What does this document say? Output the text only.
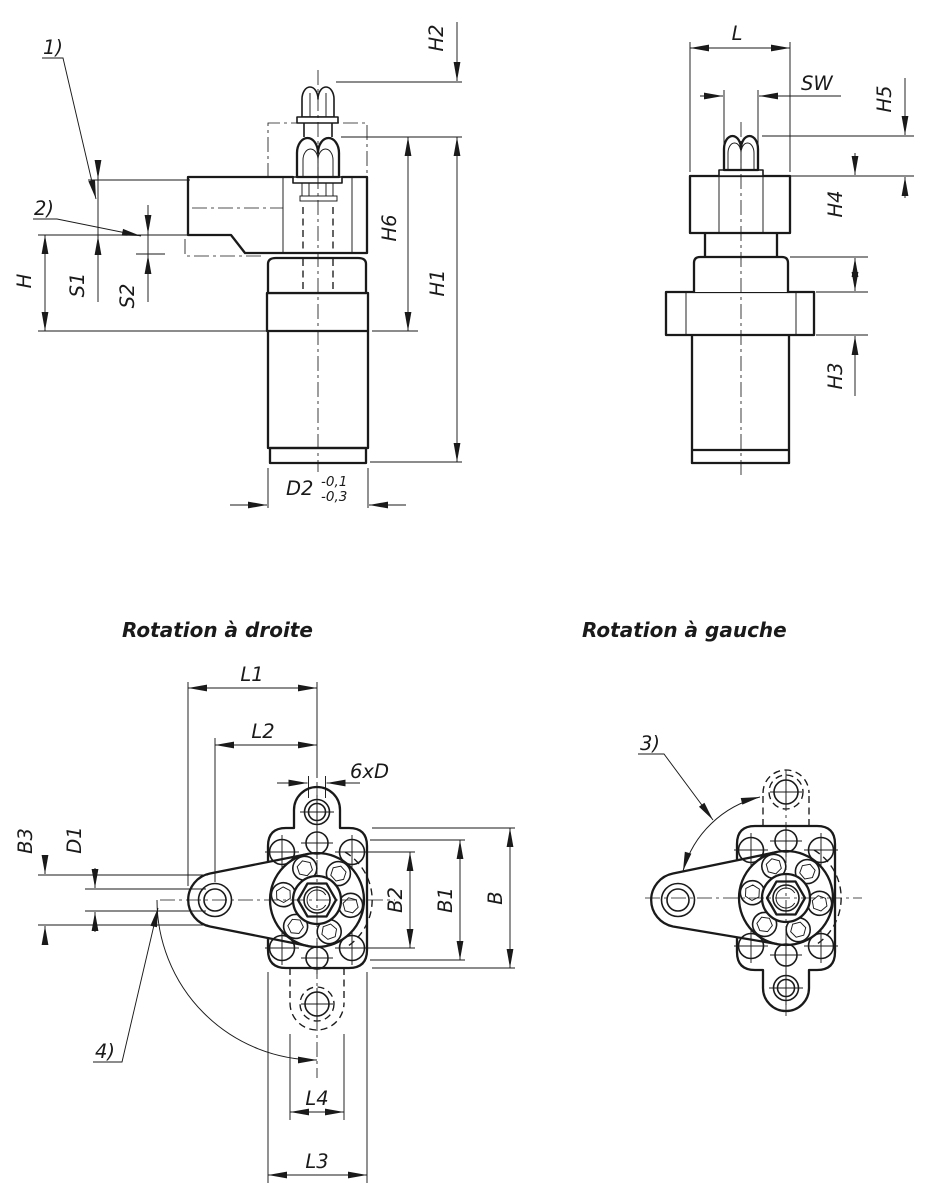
H2
H1
H6
H S1 S2
D2 -0,1
-0,3
1)
2)
L
SW
H5
H4
H3
Rotation à droite	Rotation à gauche
L1
L2
6xD
B3 D1
B2 B1 B
L4
L3
4)
3)
